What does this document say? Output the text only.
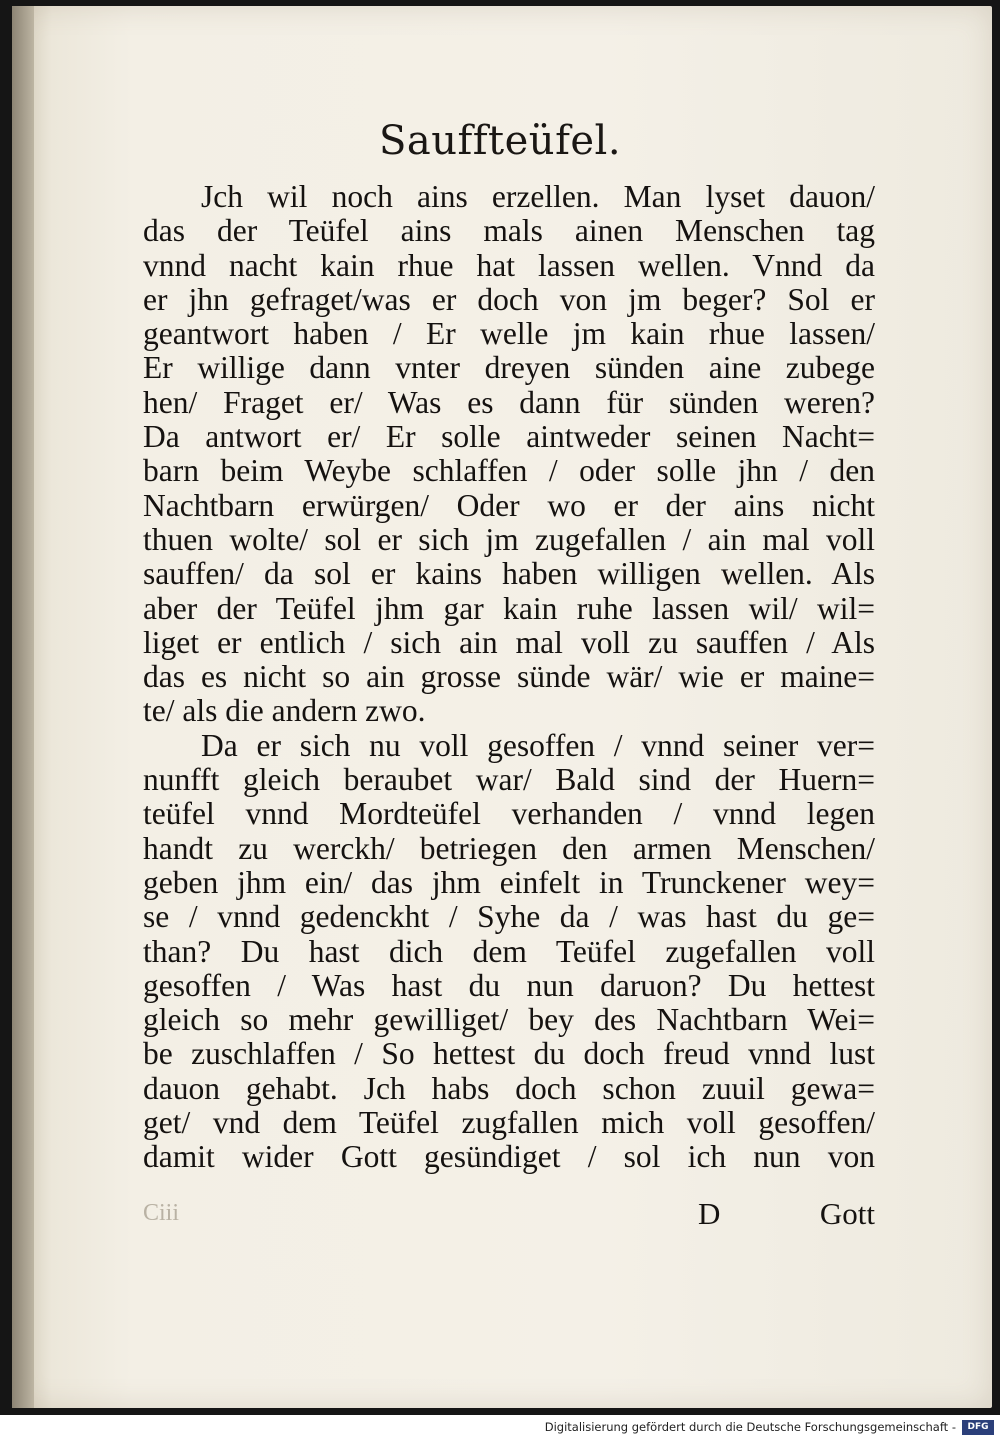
Sauffteüfel.
Jch wil noch ains erzellen. Man lyset dauon/
das der Teüfel ains mals ainen Menschen tag
vnnd nacht kain rhue hat lassen wellen. Vnnd da
er jhn gefraget/was er doch von jm beger? Sol er
geantwort haben / Er welle jm kain rhue lassen/
Er willige dann vnter dreyen sünden aine zubege
hen/ Fraget er/ Was es dann für sünden weren?
Da antwort er/ Er solle aintweder seinen Nacht=
barn beim Weybe schlaffen / oder solle jhn / den
Nachtbarn erwürgen/ Oder wo er der ains nicht
thuen wolte/ sol er sich jm zugefallen / ain mal voll
sauffen/ da sol er kains haben willigen wellen. Als
aber der Teüfel jhm gar kain ruhe lassen wil/ wil=
liget er entlich / sich ain mal voll zu sauffen / Als
das es nicht so ain grosse sünde wär/ wie er maine=
te/ als die andern zwo.
Da er sich nu voll gesoffen / vnnd seiner ver=
nunfft gleich beraubet war/ Bald sind der Huern=
teüfel vnnd Mordteüfel verhanden / vnnd legen
handt zu werckh/ betriegen den armen Menschen/
geben jhm ein/ das jhm einfelt in Trunckener wey=
se / vnnd gedenckht / Syhe da / was hast du ge=
than? Du hast dich dem Teüfel zugefallen voll
gesoffen / Was hast du nun daruon? Du hettest
gleich so mehr gewilliget/ bey des Nachtbarn Wei=
be zuschlaffen / So hettest du doch freud vnnd lust
dauon gehabt. Jch habs doch schon zuuil gewa=
get/ vnd dem Teüfel zugfallen mich voll gesoffen/
damit wider Gott gesündiget / sol ich nun von
Ciii	D	Gott
Digitalisierung gefördert durch die Deutsche Forschungsgemeinschaft -	DFG
